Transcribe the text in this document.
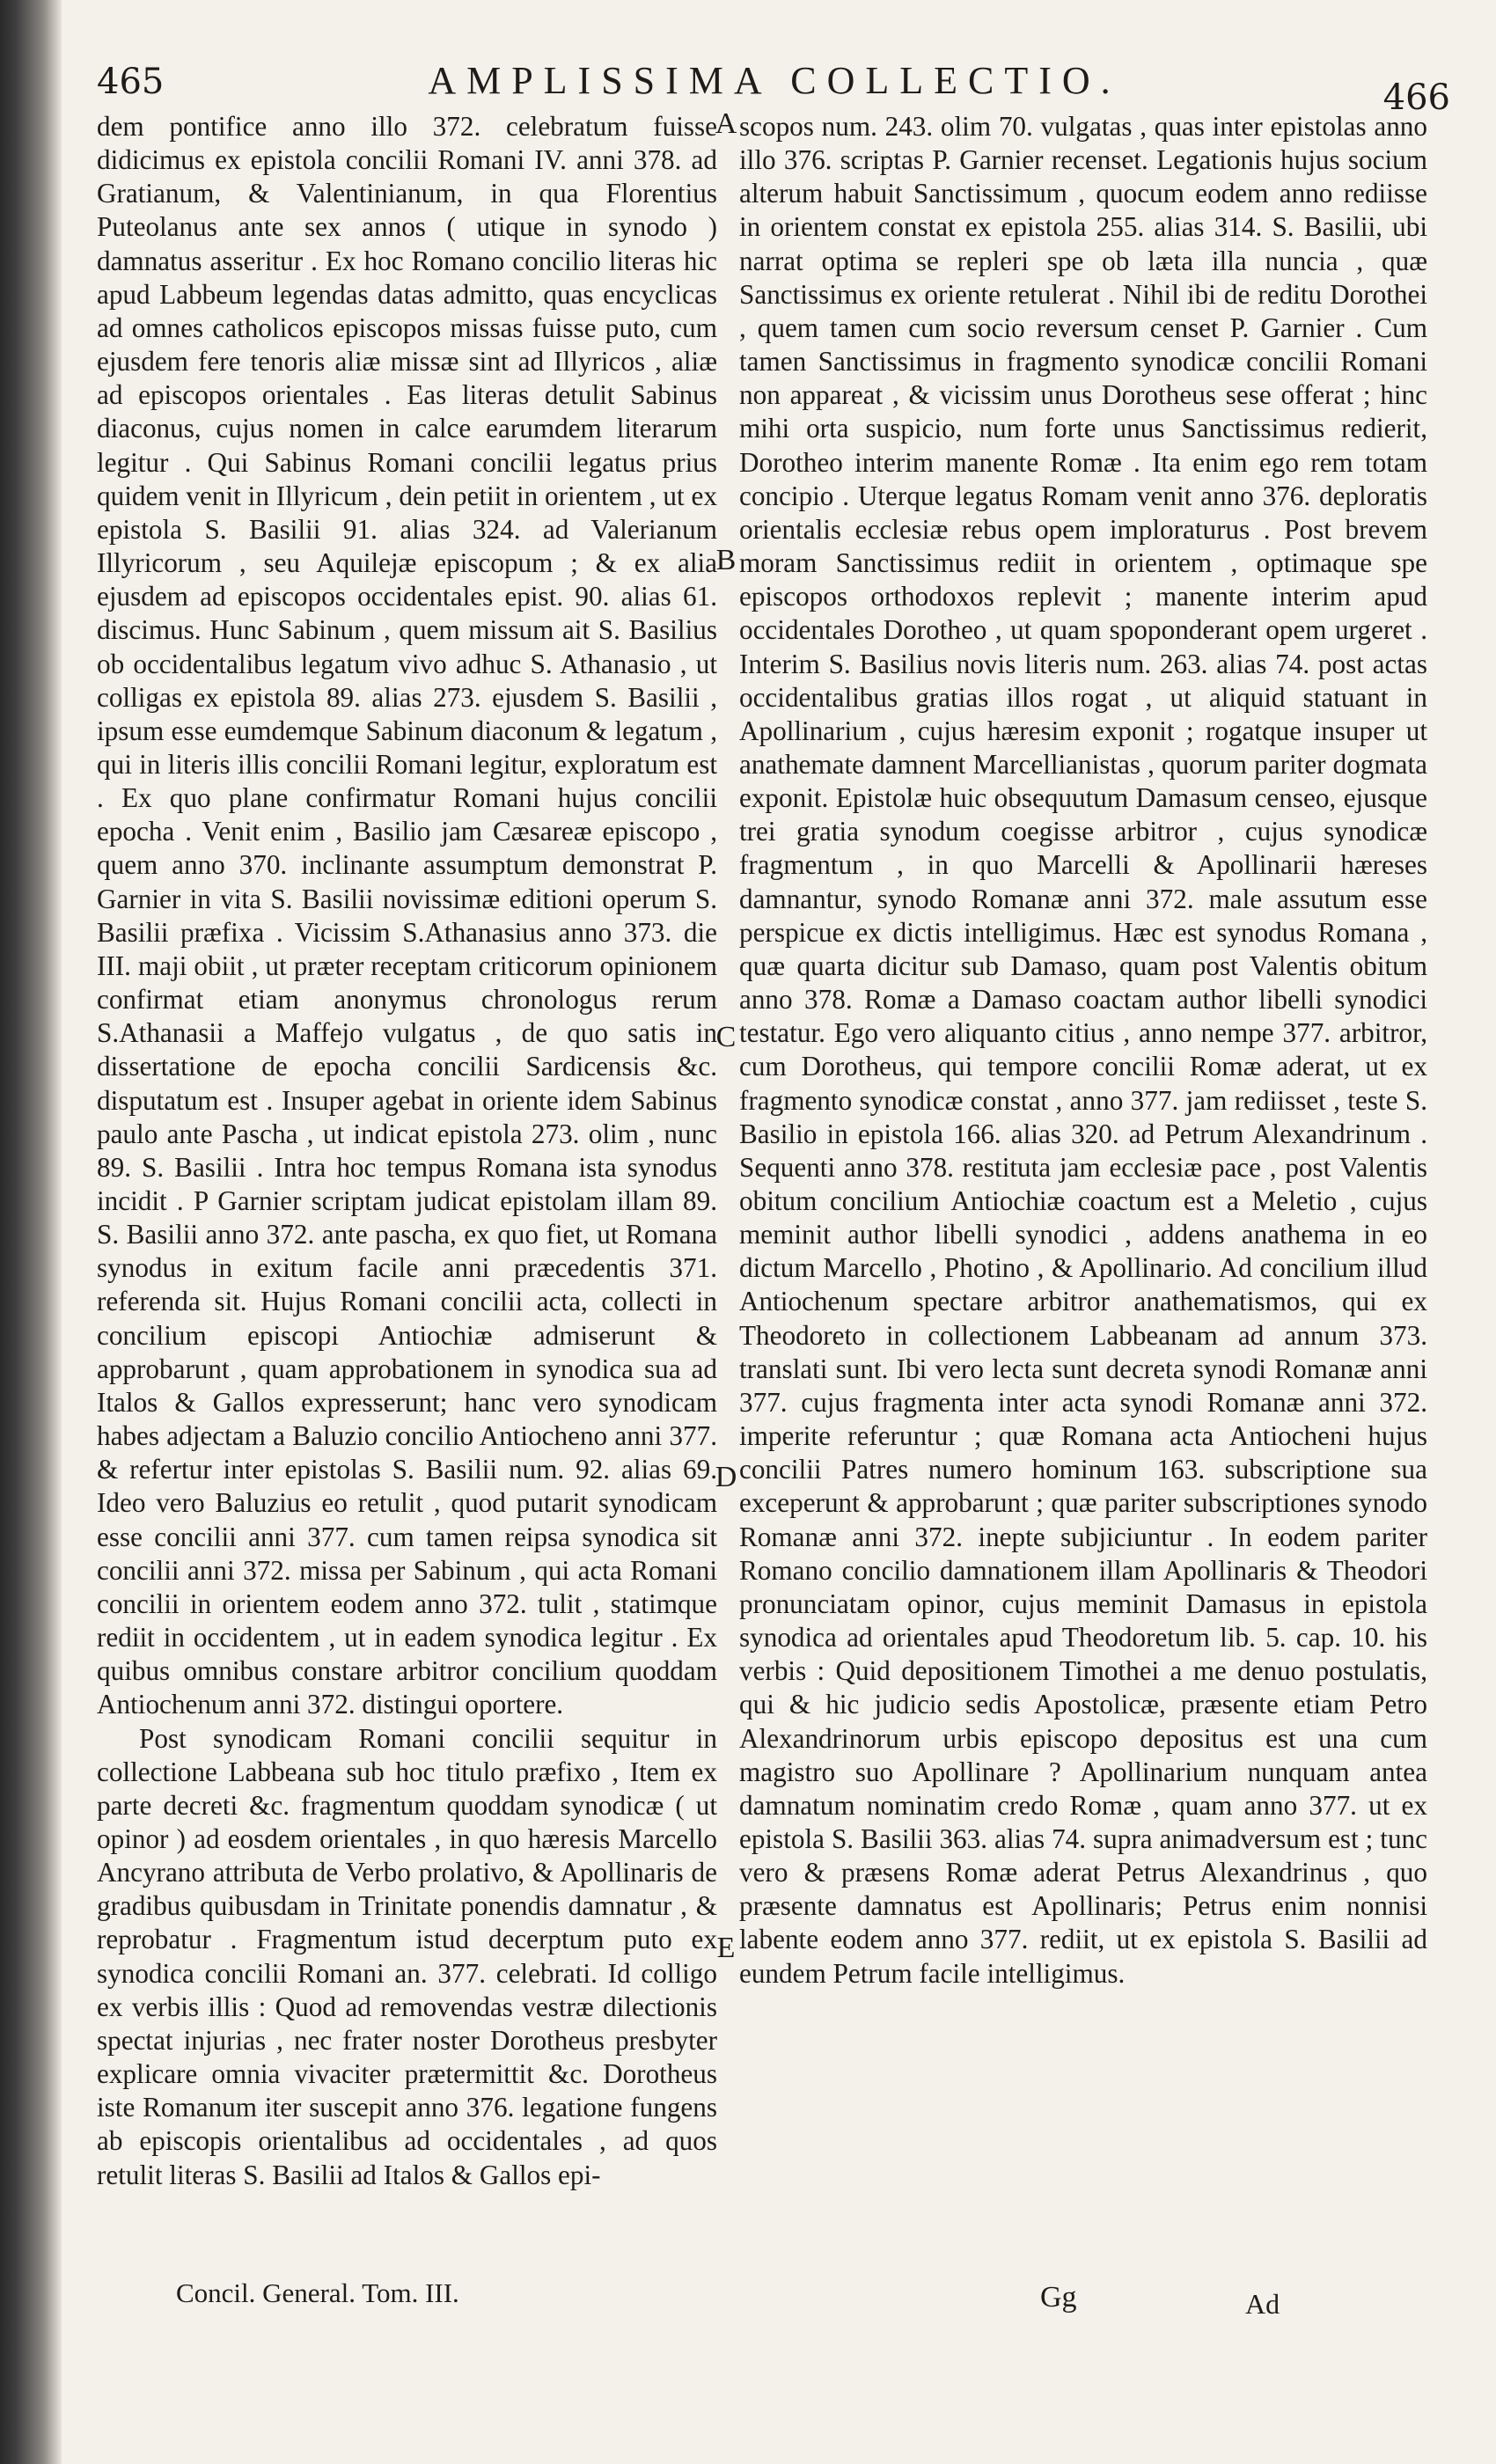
465	AMPLISSIMA COLLECTIO.	466

dem pontifice anno illo 372. celebratum fuisse didicimus ex epistola concilii Romani IV. anni 378. ad Gratianum, & Valentinianum, in qua Florentius Puteolanus ante sex annos ( utique in synodo ) damnatus asseritur . Ex hoc Romano concilio literas hic apud Labbeum legendas datas admitto, quas encyclicas ad omnes catholicos episcopos missas fuisse puto, cum ejusdem fere tenoris aliæ missæ sint ad Illyricos , aliæ ad episcopos orientales . Eas literas detulit Sabinus diaconus, cujus nomen in calce earumdem literarum legitur . Qui Sabinus Romani concilii legatus prius quidem venit in Illyricum , dein petiit in orientem , ut ex epistola S. Basilii 91. alias 324. ad Valerianum Illyricorum , seu Aquilejæ episcopum ; & ex alia ejusdem ad episcopos occidentales epist. 90. alias 61. discimus. Hunc Sabinum , quem missum ait S. Basilius ob occidentalibus legatum vivo adhuc S. Athanasio , ut colligas ex epistola 89. alias 273. ejusdem S. Basilii , ipsum esse eumdemque Sabinum diaconum & legatum , qui in literis illis concilii Romani legitur, exploratum est . Ex quo plane confirmatur Romani hujus concilii epocha . Venit enim , Basilio jam Cæsareæ episcopo , quem anno 370. inclinante assumptum demonstrat P. Garnier in vita S. Basilii novissimæ editioni operum S. Basilii præfixa . Vicissim S.Athanasius anno 373. die III. maji obiit , ut præter receptam criticorum opinionem confirmat etiam anonymus chronologus rerum S.Athanasii a Maffejo vulgatus , de quo satis in dissertatione de epocha concilii Sardicensis &c. disputatum est . Insuper agebat in oriente idem Sabinus paulo ante Pascha , ut indicat epistola 273. olim , nunc 89. S. Basilii . Intra hoc tempus Romana ista synodus incidit . P Garnier scriptam judicat epistolam illam 89. S. Basilii anno 372. ante pascha, ex quo fiet, ut Romana synodus in exitum facile anni præcedentis 371. referenda sit. Hujus Romani concilii acta, collecti in concilium episcopi Antiochiæ admiserunt & approbarunt , quam approbationem in synodica sua ad Italos & Gallos expresserunt; hanc vero synodicam habes adjectam a Baluzio concilio Antiocheno anni 377. & refertur inter epistolas S. Basilii num. 92. alias 69. Ideo vero Baluzius eo retulit , quod putarit synodicam esse concilii anni 377. cum tamen reipsa synodica sit concilii anni 372. missa per Sabinum , qui acta Romani concilii in orientem eodem anno 372. tulit , statimque rediit in occidentem , ut in eadem synodica legitur . Ex quibus omnibus constare arbitror concilium quoddam Antiochenum anni 372. distingui oportere.

Post synodicam Romani concilii sequitur in collectione Labbeana sub hoc titulo præfixo , Item ex parte decreti &c. fragmentum quoddam synodicæ ( ut opinor ) ad eosdem orientales , in quo hæresis Marcello Ancyrano attributa de Verbo prolativo, & Apollinaris de gradibus quibusdam in Trinitate ponendis damnatur , & reprobatur . Fragmentum istud decerptum puto ex synodica concilii Romani an. 377. celebrati. Id colligo ex verbis illis : Quod ad removendas vestræ dilectionis spectat injurias , nec frater noster Dorotheus presbyter explicare omnia vivaciter prætermittit &c. Dorotheus iste Romanum iter suscepit anno 376. legatione fungens ab episcopis orientalibus ad occidentales , ad quos retulit literas S. Basilii ad Italos & Gallos epi-

A
B
C
D
E

scopos num. 243. olim 70. vulgatas , quas inter epistolas anno illo 376. scriptas P. Garnier recenset. Legationis hujus socium alterum habuit Sanctissimum , quocum eodem anno rediisse in orientem constat ex epistola 255. alias 314. S. Basilii, ubi narrat optima se repleri spe ob læta illa nuncia , quæ Sanctissimus ex oriente retulerat . Nihil ibi de reditu Dorothei , quem tamen cum socio reversum censet P. Garnier . Cum tamen Sanctissimus in fragmento synodicæ concilii Romani non appareat , & vicissim unus Dorotheus sese offerat ; hinc mihi orta suspicio, num forte unus Sanctissimus redierit, Dorotheo interim manente Romæ . Ita enim ego rem totam concipio . Uterque legatus Romam venit anno 376. deploratis orientalis ecclesiæ rebus opem imploraturus . Post brevem moram Sanctissimus rediit in orientem , optimaque spe episcopos orthodoxos replevit ; manente interim apud occidentales Dorotheo , ut quam spoponderant opem urgeret . Interim S. Basilius novis literis num. 263. alias 74. post actas occidentalibus gratias illos rogat , ut aliquid statuant in Apollinarium , cujus hæresim exponit ; rogatque insuper ut anathemate damnent Marcellianistas , quorum pariter dogmata exponit. Epistolæ huic obsequutum Damasum censeo, ejusque trei gratia synodum coegisse arbitror , cujus synodicæ fragmentum , in quo Marcelli & Apollinarii hæreses damnantur, synodo Romanæ anni 372. male assutum esse perspicue ex dictis intelligimus. Hæc est synodus Romana , quæ quarta dicitur sub Damaso, quam post Valentis obitum anno 378. Romæ a Damaso coactam author libelli synodici testatur. Ego vero aliquanto citius , anno nempe 377. arbitror, cum Dorotheus, qui tempore concilii Romæ aderat, ut ex fragmento synodicæ constat , anno 377. jam rediisset , teste S. Basilio in epistola 166. alias 320. ad Petrum Alexandrinum . Sequenti anno 378. restituta jam ecclesiæ pace , post Valentis obitum concilium Antiochiæ coactum est a Meletio , cujus meminit author libelli synodici , addens anathema in eo dictum Marcello , Photino , & Apollinario. Ad concilium illud Antiochenum spectare arbitror anathematismos, qui ex Theodoreto in collectionem Labbeanam ad annum 373. translati sunt. Ibi vero lecta sunt decreta synodi Romanæ anni 377. cujus fragmenta inter acta synodi Romanæ anni 372. imperite referuntur ; quæ Romana acta Antiocheni hujus concilii Patres numero hominum 163. subscriptione sua exceperunt & approbarunt ; quæ pariter subscriptiones synodo Romanæ anni 372. inepte subjiciuntur . In eodem pariter Romano concilio damnationem illam Apollinaris & Theodori pronunciatam opinor, cujus meminit Damasus in epistola synodica ad orientales apud Theodoretum lib. 5. cap. 10. his verbis : Quid depositionem Timothei a me denuo postulatis, qui & hic judicio sedis Apostolicæ, præsente etiam Petro Alexandrinorum urbis episcopo depositus est una cum magistro suo Apollinare ? Apollinarium nunquam antea damnatum nominatim credo Romæ , quam anno 377. ut ex epistola S. Basilii 363. alias 74. supra animadversum est ; tunc vero & præsens Romæ aderat Petrus Alexandrinus , quo præsente damnatus est Apollinaris; Petrus enim nonnisi labente eodem anno 377. rediit, ut ex epistola S. Basilii ad eundem Petrum facile intelligimus.

Concil. General. Tom. III.	Gg	Ad
